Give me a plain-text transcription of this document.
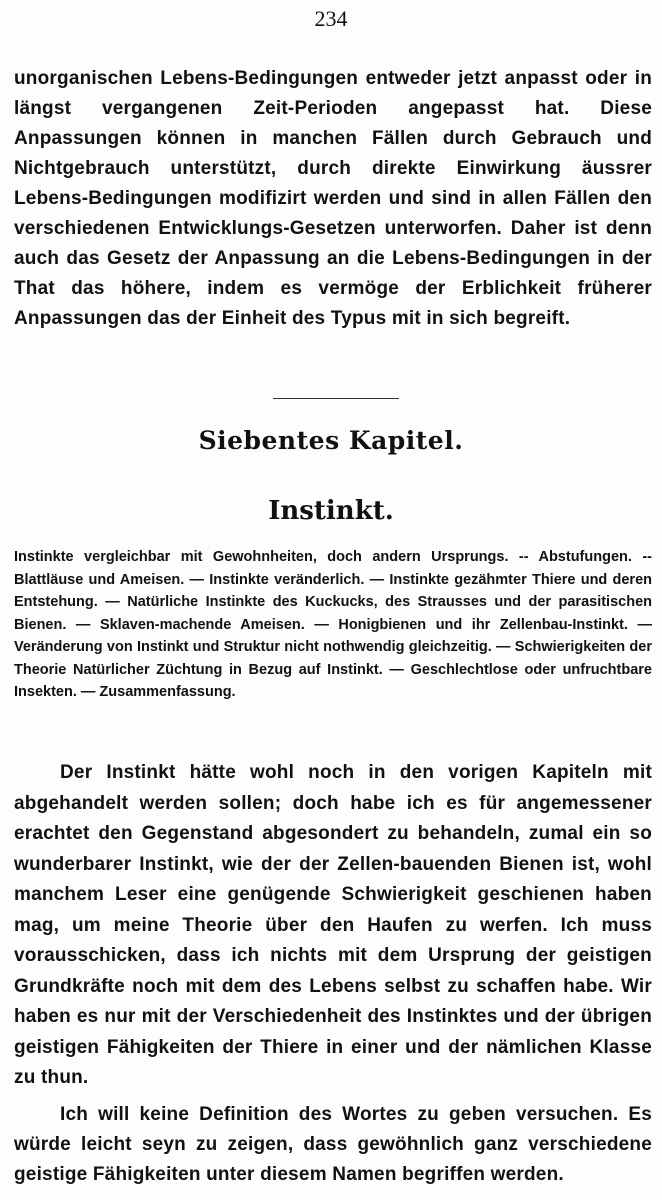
234

unorganischen Lebens-Bedingungen entweder jetzt anpasst oder in längst vergangenen Zeit-Perioden angepasst hat. Diese Anpassungen können in manchen Fällen durch Gebrauch und Nichtgebrauch unterstützt, durch direkte Einwirkung äussrer Lebens-Bedingungen modifizirt werden und sind in allen Fällen den verschiedenen Entwicklungs-Gesetzen unterworfen. Daher ist denn auch das Gesetz der Anpassung an die Lebens-Bedingungen in der That das höhere, indem es vermöge der Erblichkeit früherer Anpassungen das der Einheit des Typus mit in sich begreift.

Siebentes Kapitel.
Instinkt.

Instinkte vergleichbar mit Gewohnheiten, doch andern Ursprungs. -- Abstufungen. -- Blattläuse und Ameisen. — Instinkte veränderlich. — Instinkte gezähmter Thiere und deren Entstehung. — Natürliche Instinkte des Kuckucks, des Strausses und der parasitischen Bienen. — Sklaven-machende Ameisen. — Honigbienen und ihr Zellenbau-Instinkt. — Veränderung von Instinkt und Struktur nicht nothwendig gleichzeitig. — Schwierigkeiten der Theorie Natürlicher Züchtung in Bezug auf Instinkt. — Geschlechtlose oder unfruchtbare Insekten. — Zusammenfassung.

Der Instinkt hätte wohl noch in den vorigen Kapiteln mit abgehandelt werden sollen; doch habe ich es für angemessener erachtet den Gegenstand abgesondert zu behandeln, zumal ein so wunderbarer Instinkt, wie der der Zellen-bauenden Bienen ist, wohl manchem Leser eine genügende Schwierigkeit geschienen haben mag, um meine Theorie über den Haufen zu werfen. Ich muss vorausschicken, dass ich nichts mit dem Ursprung der geistigen Grundkräfte noch mit dem des Lebens selbst zu schaffen habe. Wir haben es nur mit der Verschiedenheit des Instinktes und der übrigen geistigen Fähigkeiten der Thiere in einer und der nämlichen Klasse zu thun.

Ich will keine Definition des Wortes zu geben versuchen. Es würde leicht seyn zu zeigen, dass gewöhnlich ganz verschiedene geistige Fähigkeiten unter diesem Namen begriffen werden.
